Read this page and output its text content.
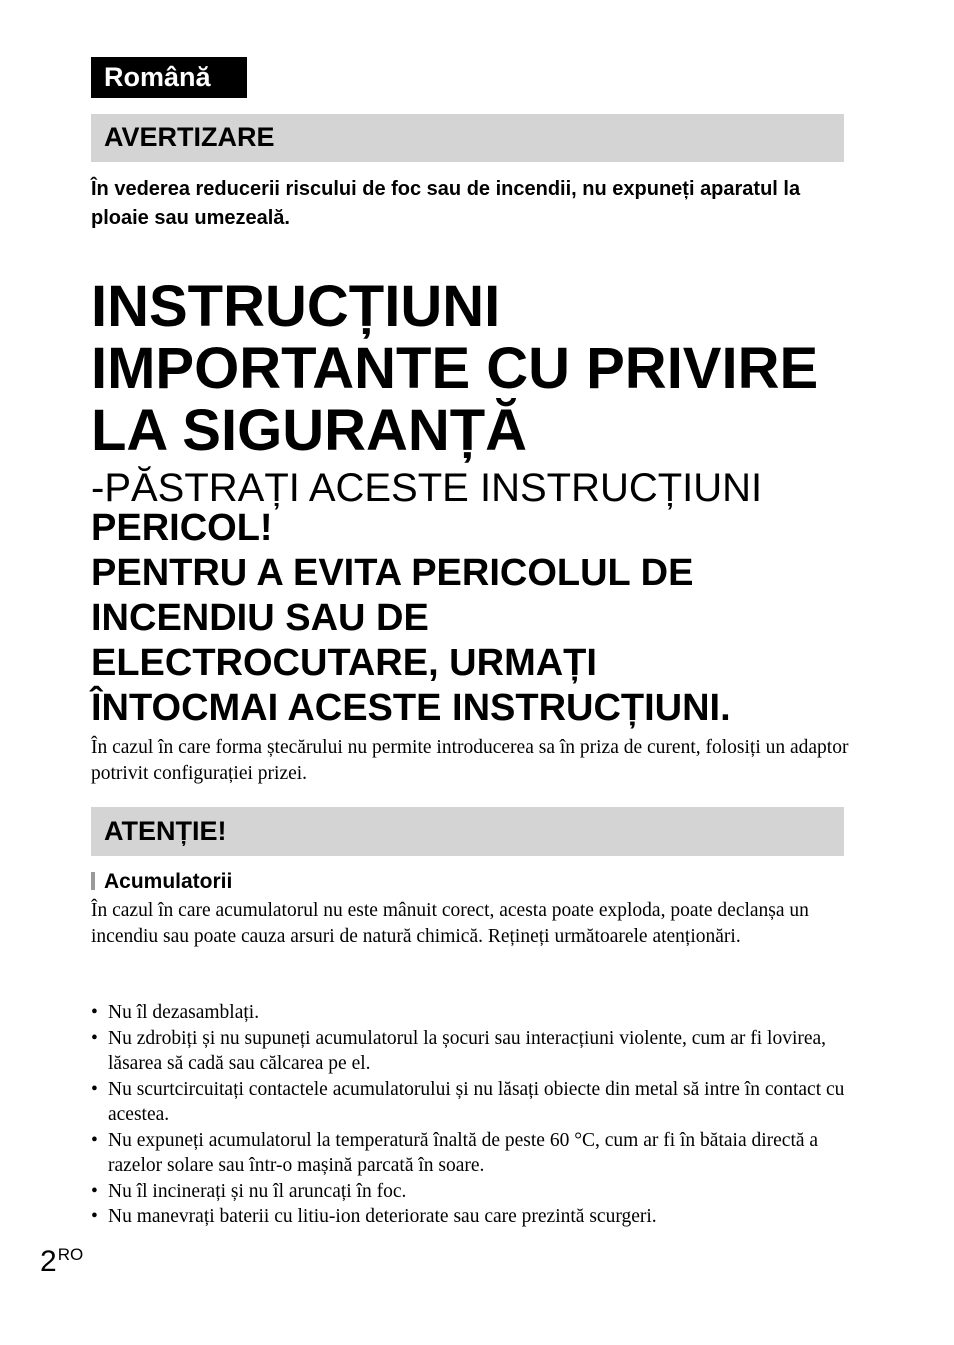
Română
AVERTIZARE

În vederea reducerii riscului de foc sau de incendii, nu expuneți aparatul la ploaie sau umezeală.

INSTRUCȚIUNI
IMPORTANTE CU PRIVIRE
LA SIGURANȚĂ
-PĂSTRAȚI ACESTE INSTRUCȚIUNI
PERICOL!
PENTRU A EVITA PERICOLUL DE
INCENDIU SAU DE
ELECTROCUTARE, URMAȚI
ÎNTOCMAI ACESTE INSTRUCȚIUNI.

În cazul în care forma ștecărului nu permite introducerea sa în priza de curent, folosiți un adaptor potrivit configurației prizei.

ATENȚIE!
Acumulatorii

În cazul în care acumulatorul nu este mânuit corect, acesta poate exploda, poate declanșa un incendiu sau poate cauza arsuri de natură chimică. Rețineți următoarele atenționări.

• Nu îl dezasamblați.
• Nu zdrobiți și nu supuneți acumulatorul la șocuri sau interacțiuni violente, cum ar fi lovirea, lăsarea să cadă sau călcarea pe el.
• Nu scurtcircuitați contactele acumulatorului și nu lăsați obiecte din metal să intre în contact cu acestea.
• Nu expuneți acumulatorul la temperatură înaltă de peste 60 °C, cum ar fi în bătaia directă a razelor solare sau într-o mașină parcată în soare.
• Nu îl incinerați și nu îl aruncați în foc.
• Nu manevrați baterii cu litiu-ion deteriorate sau care prezintă scurgeri.
$2^{RO}$
